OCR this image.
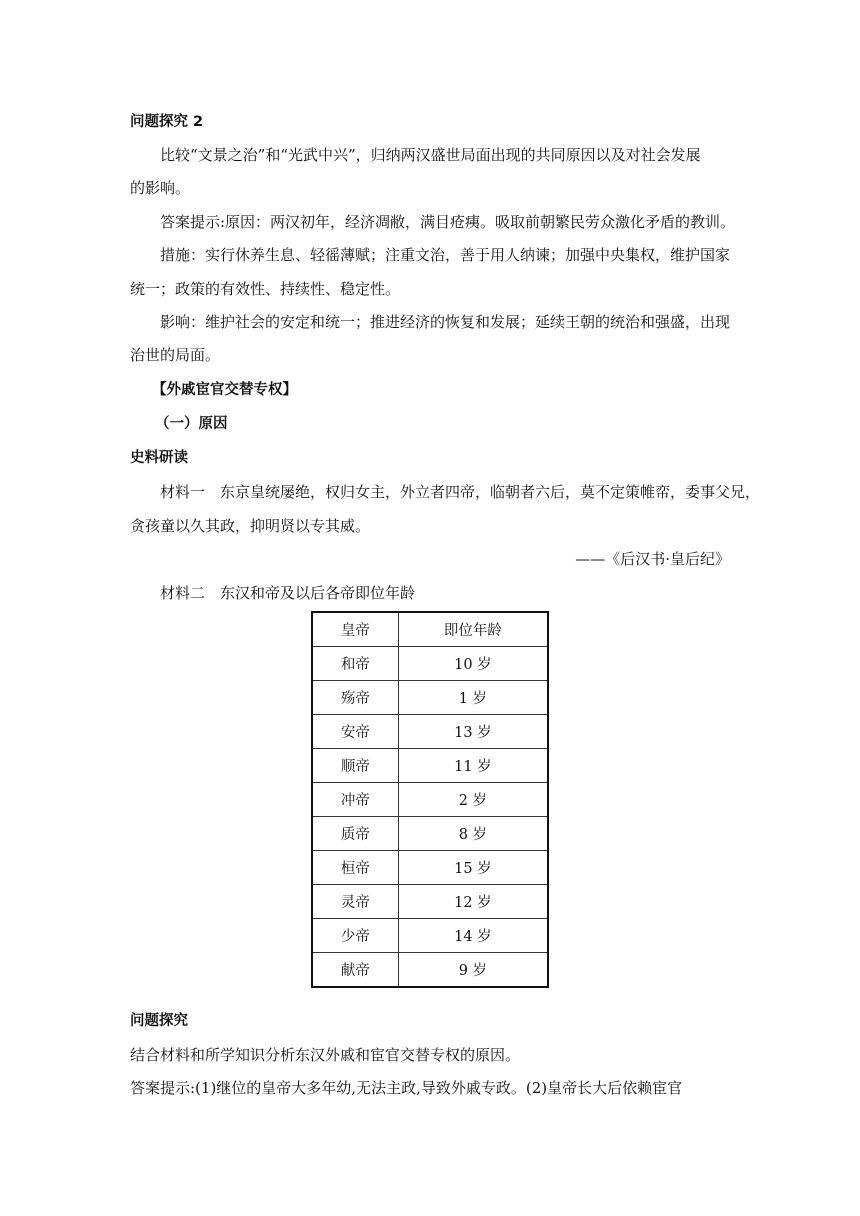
问题探究 2
比较“文景之治”和“光武中兴”，归纳两汉盛世局面出现的共同原因以及对社会发展
的影响。
答案提示:原因：两汉初年，经济凋敝，满目疮痍。吸取前朝繁民劳众激化矛盾的教训。
措施：实行休养生息、轻徭薄赋；注重文治，善于用人纳谏；加强中央集权，维护国家
统一；政策的有效性、持续性、稳定性。
影响：维护社会的安定和统一；推进经济的恢复和发展；延续王朝的统治和强盛，出现
治世的局面。
【外戚宦官交替专权】
（一）原因
史料研读
材料一　东京皇统屡绝，权归女主，外立者四帝，临朝者六后，莫不定策帷帟，委事父兄，
贪孩童以久其政，抑明贤以专其威。
——《后汉书·皇后纪》
材料二　东汉和帝及以后各帝即位年龄
皇帝	即位年龄
和帝	10 岁
殇帝	1 岁
安帝	13 岁
顺帝	11 岁
冲帝	2 岁
质帝	8 岁
桓帝	15 岁
灵帝	12 岁
少帝	14 岁
献帝	9 岁
问题探究
结合材料和所学知识分析东汉外戚和宦官交替专权的原因。
答案提示:(1)继位的皇帝大多年幼,无法主政,导致外戚专政。(2)皇帝长大后依赖宦官
